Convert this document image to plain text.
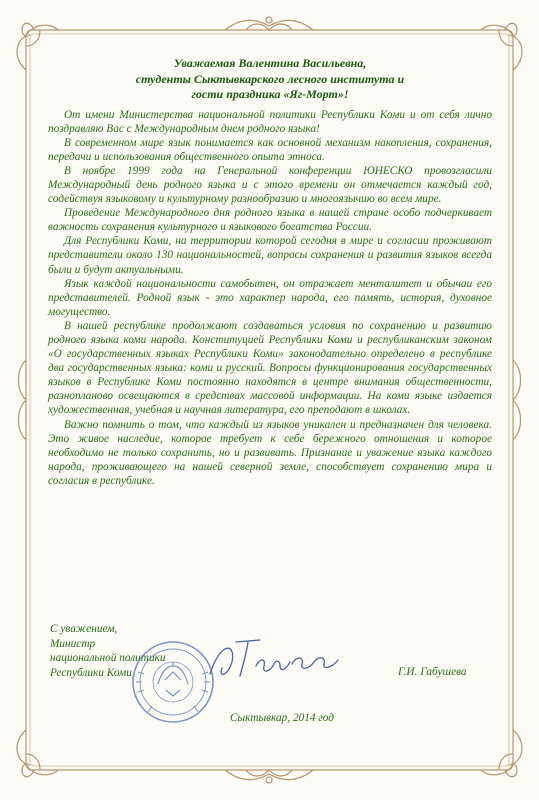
Уважаемая Валентина Васильевна,
студенты Сыктывкарского лесного института и
гости праздника «Яг-Морт»!

От имени Министерства национальной политики Республики Коми и от себя лично поздравляю Вас с Международным днем родного языка!

В современном мире язык понимается как основной механизм накопления, сохранения, передачи и использования общественного опыта этноса.

В ноябре 1999 года на Генеральной конференции ЮНЕСКО провозгласили Международный день родного языка и с этого времени он отмечается каждый год, содействуя языковому и культурному разнообразию и многоязычию во всем мире.

Проведение Международного дня родного языка в нашей стране особо подчеркивает важность сохранения культурного и языкового богатства России.

Для Республики Коми, на территории которой сегодня в мире и согласии проживают представители около 130 национальностей, вопросы сохранения и развития языков всегда были и будут актуальными.

Язык каждой национальности самобытен, он отражает менталитет и обычаи его представителей. Родной язык - это характер народа, его память, история, духовное могущество.

В нашей республике продолжают создаваться условия по сохранению и развитию родного языка коми народа. Конституцией Республики Коми и республиканским законом «О государственных языках Республики Коми» законодательно определено в республике два государственных языка: коми и русский. Вопросы функционирования государственных языков в Республике Коми постоянно находятся в центре внимания общественности, разнопланово освещаются в средствах массовой информации. На коми языке издается художественная, учебная и научная литература, его преподают в школах.

Важно помнить о том, что каждый из языков уникален и предназначен для человека. Это живое наследие, которое требует к себе бережного отношения и которое необходимо не только сохранить, но и развивать. Признание и уважение языка каждого народа, проживающего на нашей северной земле, способствует сохранению мира и согласия в республике.

С уважением,
Министр
национальной политики
Республики Коми	Г.И. Габушева
Сыктывкар, 2014 год
